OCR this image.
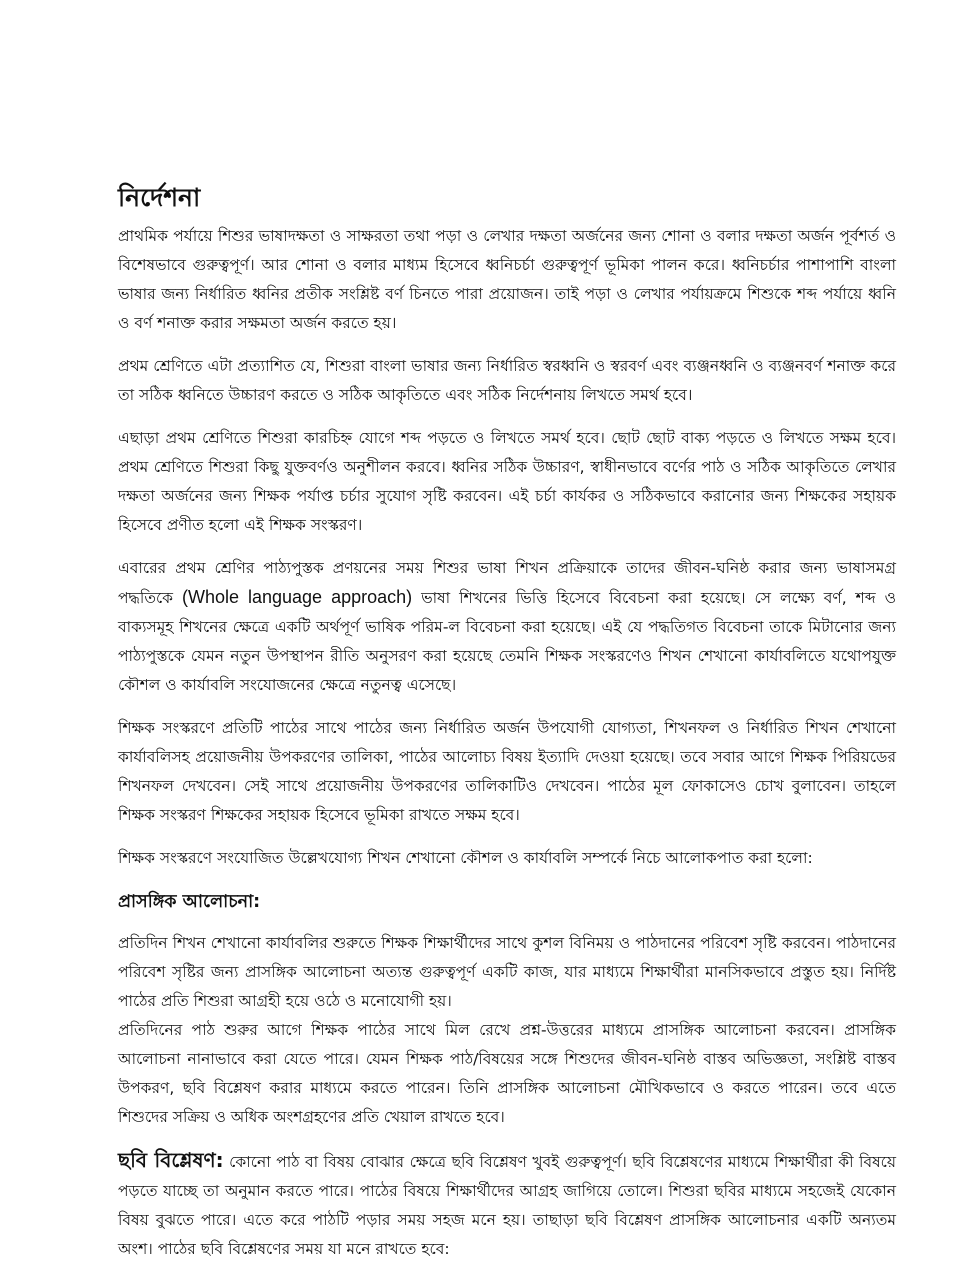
নির্দেশনা

প্রাথমিক পর্যায়ে শিশুর ভাষাদক্ষতা ও সাক্ষরতা তথা পড়া ও লেখার দক্ষতা অর্জনের জন্য শোনা ও বলার দক্ষতা অর্জন পূর্বশর্ত ও বিশেষভাবে গুরুত্বপূর্ণ। আর শোনা ও বলার মাধ্যম হিসেবে ধ্বনিচর্চা গুরুত্বপূর্ণ ভূমিকা পালন করে। ধ্বনিচর্চার পাশাপাশি বাংলা ভাষার জন্য নির্ধারিত ধ্বনির প্রতীক সংশ্লিষ্ট বর্ণ চিনতে পারা প্রয়োজন। তাই পড়া ও লেখার পর্যায়ক্রমে শিশুকে শব্দ পর্যায়ে ধ্বনি ও বর্ণ শনাক্ত করার সক্ষমতা অর্জন করতে হয়।

প্রথম শ্রেণিতে এটা প্রত্যাশিত যে, শিশুরা বাংলা ভাষার জন্য নির্ধারিত স্বরধ্বনি ও স্বরবর্ণ এবং ব্যঞ্জনধ্বনি ও ব্যঞ্জনবর্ণ শনাক্ত করে তা সঠিক ধ্বনিতে উচ্চারণ করতে ও সঠিক আকৃতিতে এবং সঠিক নির্দেশনায় লিখতে সমর্থ হবে।

এছাড়া প্রথম শ্রেণিতে শিশুরা কারচিহ্ন যোগে শব্দ পড়তে ও লিখতে সমর্থ হবে। ছোট ছোট বাক্য পড়তে ও লিখতে সক্ষম হবে। প্রথম শ্রেণিতে শিশুরা কিছু যুক্তবর্ণও অনুশীলন করবে। ধ্বনির সঠিক উচ্চারণ, স্বাধীনভাবে বর্ণের পাঠ ও সঠিক আকৃতিতে লেখার দক্ষতা অর্জনের জন্য শিক্ষক পর্যাপ্ত চর্চার সুযোগ সৃষ্টি করবেন। এই চর্চা কার্যকর ও সঠিকভাবে করানোর জন্য শিক্ষকের সহায়ক হিসেবে প্রণীত হলো এই শিক্ষক সংস্করণ।

এবারের প্রথম শ্রেণির পাঠ্যপুস্তক প্রণয়নের সময় শিশুর ভাষা শিখন প্রক্রিয়াকে তাদের জীবন-ঘনিষ্ঠ করার জন্য ভাষাসমগ্র পদ্ধতিকে (Whole language approach) ভাষা শিখনের ভিত্তি হিসেবে বিবেচনা করা হয়েছে। সে লক্ষ্যে বর্ণ, শব্দ ও বাক্যসমূহ শিখনের ক্ষেত্রে একটি অর্থপূর্ণ ভাষিক পরিম-ল বিবেচনা করা হয়েছে। এই যে পদ্ধতিগত বিবেচনা তাকে মিটানোর জন্য পাঠ্যপুস্তকে যেমন নতুন উপস্থাপন রীতি অনুসরণ করা হয়েছে তেমনি শিক্ষক সংস্করণেও শিখন শেখানো কার্যাবলিতে যথোপযুক্ত কৌশল ও কার্যাবলি সংযোজনের ক্ষেত্রে নতুনত্ব এসেছে।

শিক্ষক সংস্করণে প্রতিটি পাঠের সাথে পাঠের জন্য নির্ধারিত অর্জন উপযোগী যোগ্যতা, শিখনফল ও নির্ধারিত শিখন শেখানো কার্যাবলিসহ প্রয়োজনীয় উপকরণের তালিকা, পাঠের আলোচ্য বিষয় ইত্যাদি দেওয়া হয়েছে। তবে সবার আগে শিক্ষক পিরিয়ডের শিখনফল দেখবেন। সেই সাথে প্রয়োজনীয় উপকরণের তালিকাটিও দেখবেন। পাঠের মূল ফোকাসেও চোখ বুলাবেন। তাহলে শিক্ষক সংস্করণ শিক্ষকের সহায়ক হিসেবে ভূমিকা রাখতে সক্ষম হবে।

শিক্ষক সংস্করণে সংযোজিত উল্লেখযোগ্য শিখন শেখানো কৌশল ও কার্যাবলি সম্পর্কে নিচে আলোকপাত করা হলো:

প্রাসঙ্গিক আলোচনা:

প্রতিদিন শিখন শেখানো কার্যাবলির শুরুতে শিক্ষক শিক্ষার্থীদের সাথে কুশল বিনিময় ও পাঠদানের পরিবেশ সৃষ্টি করবেন। পাঠদানের পরিবেশ সৃষ্টির জন্য প্রাসঙ্গিক আলোচনা অত্যন্ত গুরুত্বপূর্ণ একটি কাজ, যার মাধ্যমে শিক্ষার্থীরা মানসিকভাবে প্রস্তুত হয়। নির্দিষ্ট পাঠের প্রতি শিশুরা আগ্রহী হয়ে ওঠে ও মনোযোগী হয়।

প্রতিদিনের পাঠ শুরুর আগে শিক্ষক পাঠের সাথে মিল রেখে প্রশ্ন-উত্তরের মাধ্যমে প্রাসঙ্গিক আলোচনা করবেন। প্রাসঙ্গিক আলোচনা নানাভাবে করা যেতে পারে। যেমন শিক্ষক পাঠ/বিষয়ের সঙ্গে শিশুদের জীবন-ঘনিষ্ঠ বাস্তব অভিজ্ঞতা, সংশ্লিষ্ট বাস্তব উপকরণ, ছবি বিশ্লেষণ করার মাধ্যমে করতে পারেন। তিনি প্রাসঙ্গিক আলোচনা মৌখিকভাবে ও করতে পারেন। তবে এতে শিশুদের সক্রিয় ও অধিক অংশগ্রহণের প্রতি খেয়াল রাখতে হবে।

ছবি বিশ্লেষণ: কোনো পাঠ বা বিষয় বোঝার ক্ষেত্রে ছবি বিশ্লেষণ খুবই গুরুত্বপূর্ণ। ছবি বিশ্লেষণের মাধ্যমে শিক্ষার্থীরা কী বিষয়ে পড়তে যাচ্ছে তা অনুমান করতে পারে। পাঠের বিষয়ে শিক্ষার্থীদের আগ্রহ জাগিয়ে তোলে। শিশুরা ছবির মাধ্যমে সহজেই যেকোন বিষয় বুঝতে পারে। এতে করে পাঠটি পড়ার সময় সহজ মনে হয়। তাছাড়া ছবি বিশ্লেষণ প্রাসঙ্গিক আলোচনার একটি অন্যতম অংশ। পাঠের ছবি বিশ্লেষণের সময় যা মনে রাখতে হবে:
